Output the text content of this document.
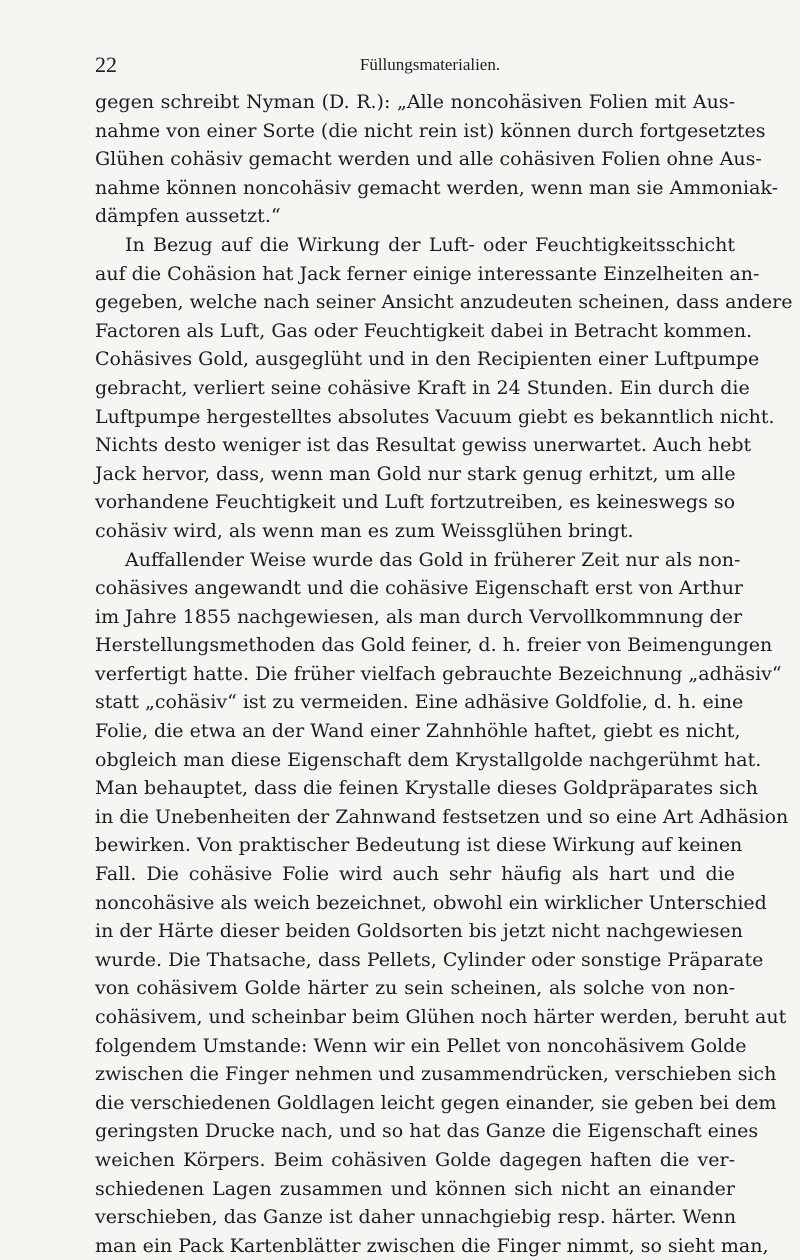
22	Füllungsmaterialien.
gegen schreibt Nyman (D. R.): „Alle noncohäsiven Folien mit Aus-
nahme von einer Sorte (die nicht rein ist) können durch fortgesetztes
Glühen cohäsiv gemacht werden und alle cohäsiven Folien ohne Aus-
nahme können noncohäsiv gemacht werden, wenn man sie Ammoniak-
dämpfen aussetzt.“
In Bezug auf die Wirkung der Luft- oder Feuchtigkeitsschicht
auf die Cohäsion hat Jack ferner einige interessante Einzelheiten an-
gegeben, welche nach seiner Ansicht anzudeuten scheinen, dass andere
Factoren als Luft, Gas oder Feuchtigkeit dabei in Betracht kommen.
Cohäsives Gold, ausgeglüht und in den Recipienten einer Luftpumpe
gebracht, verliert seine cohäsive Kraft in 24 Stunden. Ein durch die
Luftpumpe hergestelltes absolutes Vacuum giebt es bekanntlich nicht.
Nichts desto weniger ist das Resultat gewiss unerwartet. Auch hebt
Jack hervor, dass, wenn man Gold nur stark genug erhitzt, um alle
vorhandene Feuchtigkeit und Luft fortzutreiben, es keineswegs so
cohäsiv wird, als wenn man es zum Weissglühen bringt.
Auffallender Weise wurde das Gold in früherer Zeit nur als non-
cohäsives angewandt und die cohäsive Eigenschaft erst von Arthur
im Jahre 1855 nachgewiesen, als man durch Vervollkommnung der
Herstellungsmethoden das Gold feiner, d. h. freier von Beimengungen
verfertigt hatte. Die früher vielfach gebrauchte Bezeichnung „adhäsiv“
statt „cohäsiv“ ist zu vermeiden. Eine adhäsive Goldfolie, d. h. eine
Folie, die etwa an der Wand einer Zahnhöhle haftet, giebt es nicht,
obgleich man diese Eigenschaft dem Krystallgolde nachgerühmt hat.
Man behauptet, dass die feinen Krystalle dieses Goldpräparates sich
in die Unebenheiten der Zahnwand festsetzen und so eine Art Adhäsion
bewirken. Von praktischer Bedeutung ist diese Wirkung auf keinen
Fall. Die cohäsive Folie wird auch sehr häufig als hart und die
noncohäsive als weich bezeichnet, obwohl ein wirklicher Unterschied
in der Härte dieser beiden Goldsorten bis jetzt nicht nachgewiesen
wurde. Die Thatsache, dass Pellets, Cylinder oder sonstige Präparate
von cohäsivem Golde härter zu sein scheinen, als solche von non-
cohäsivem, und scheinbar beim Glühen noch härter werden, beruht aut
folgendem Umstande: Wenn wir ein Pellet von noncohäsivem Golde
zwischen die Finger nehmen und zusammendrücken, verschieben sich
die verschiedenen Goldlagen leicht gegen einander, sie geben bei dem
geringsten Drucke nach, und so hat das Ganze die Eigenschaft eines
weichen Körpers. Beim cohäsiven Golde dagegen haften die ver-
schiedenen Lagen zusammen und können sich nicht an einander
verschieben, das Ganze ist daher unnachgiebig resp. härter. Wenn
man ein Pack Kartenblätter zwischen die Finger nimmt, so sieht man,
